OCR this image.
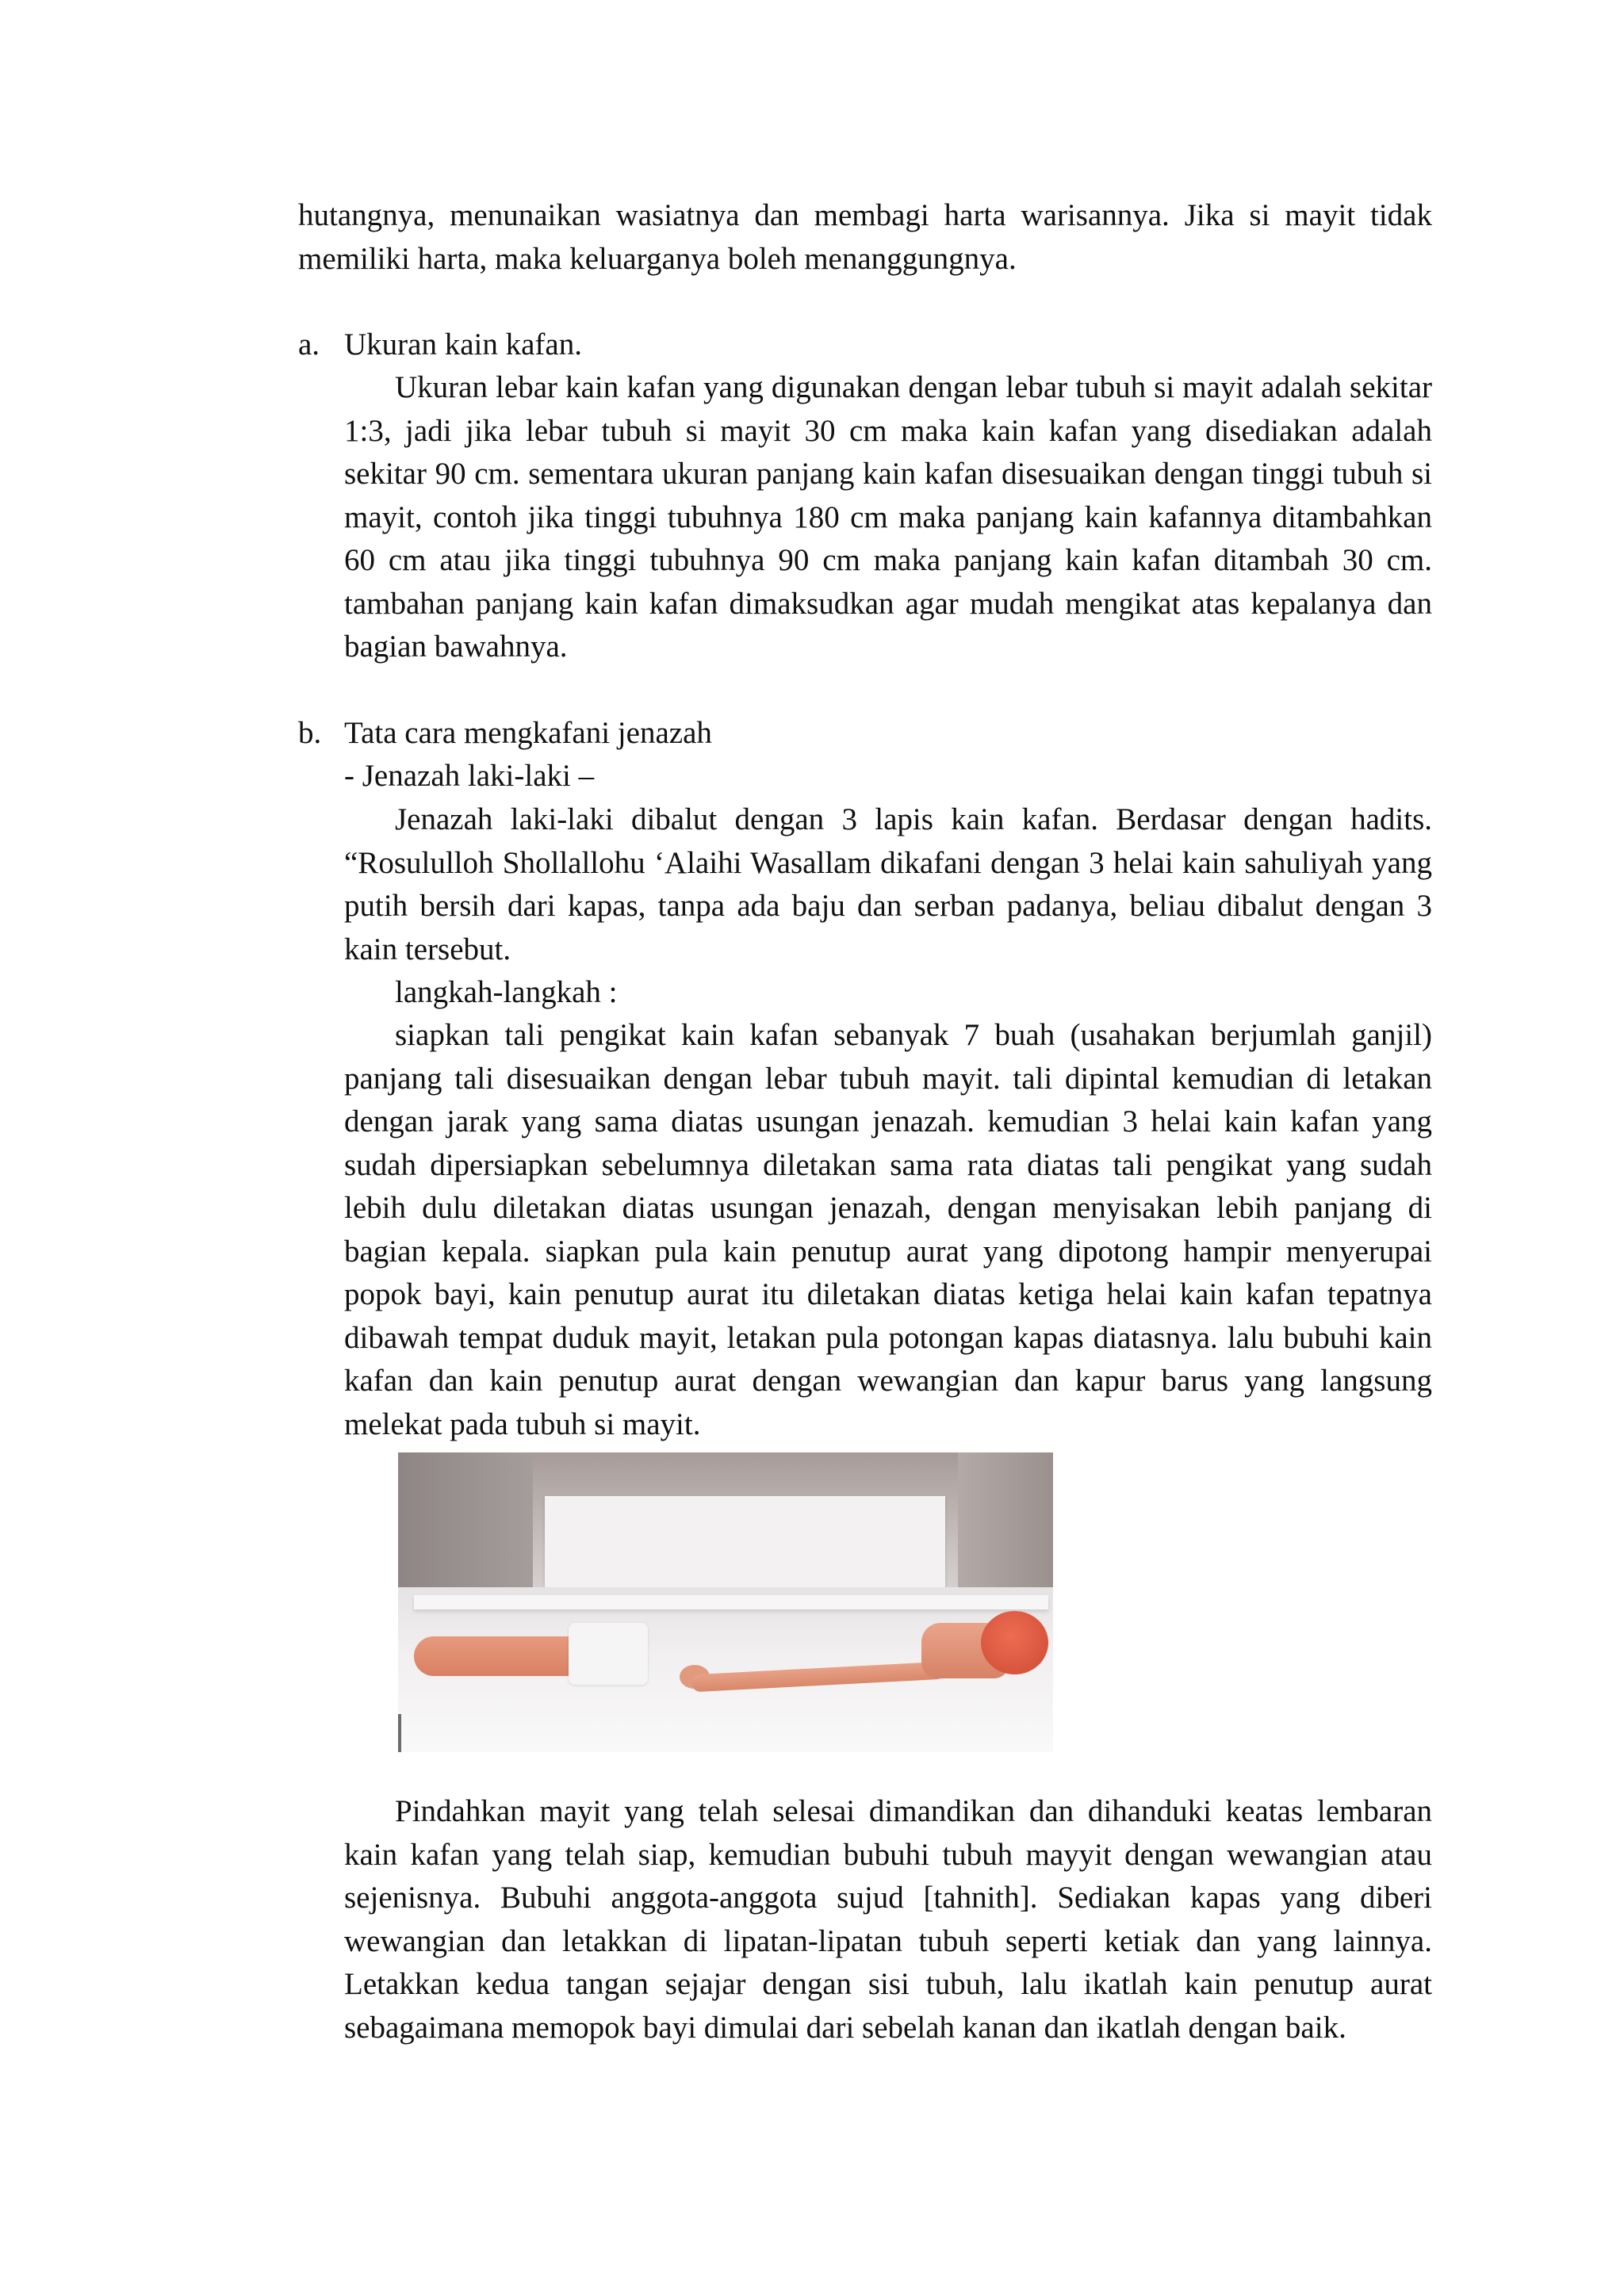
hutangnya, menunaikan wasiatnya dan membagi harta warisannya. Jika si mayit tidak memiliki harta, maka keluarganya boleh menanggungnya.
a. Ukuran kain kafan.
Ukuran lebar kain kafan yang digunakan dengan lebar tubuh si mayit adalah sekitar 1:3, jadi jika lebar tubuh si mayit 30 cm maka kain kafan yang disediakan adalah sekitar 90 cm. sementara ukuran panjang kain kafan disesuaikan dengan tinggi tubuh si mayit, contoh jika tinggi tubuhnya 180 cm maka panjang kain kafannya ditambahkan 60 cm atau jika tinggi tubuhnya 90 cm maka panjang kain kafan ditambah 30 cm. tambahan panjang kain kafan dimaksudkan agar mudah mengikat atas kepalanya dan bagian bawahnya.
b. Tata cara mengkafani jenazah
- Jenazah laki-laki –
Jenazah laki-laki dibalut dengan 3 lapis kain kafan. Berdasar dengan hadits. “Rosululloh Shollallohu ‘Alaihi Wasallam dikafani dengan 3 helai kain sahuliyah yang putih bersih dari kapas, tanpa ada baju dan serban padanya, beliau dibalut dengan 3 kain tersebut.
langkah-langkah :
siapkan tali pengikat kain kafan sebanyak 7 buah (usahakan berjumlah ganjil) panjang tali disesuaikan dengan lebar tubuh mayit. tali dipintal kemudian di letakan dengan jarak yang sama diatas usungan jenazah. kemudian 3 helai kain kafan yang sudah dipersiapkan sebelumnya diletakan sama rata diatas tali pengikat yang sudah lebih dulu diletakan diatas usungan jenazah, dengan menyisakan lebih panjang di bagian kepala. siapkan pula kain penutup aurat yang dipotong hampir menyerupai popok bayi, kain penutup aurat itu diletakan diatas ketiga helai kain kafan tepatnya dibawah tempat duduk mayit, letakan pula potongan kapas diatasnya. lalu bubuhi kain kafan dan kain penutup aurat dengan wewangian dan kapur barus yang langsung melekat pada tubuh si mayit.
Pindahkan mayit yang telah selesai dimandikan dan dihanduki keatas lembaran kain kafan yang telah siap, kemudian bubuhi tubuh mayyit dengan wewangian atau sejenisnya. Bubuhi anggota-anggota sujud [tahnith]. Sediakan kapas yang diberi wewangian dan letakkan di lipatan-lipatan tubuh seperti ketiak dan yang lainnya. Letakkan kedua tangan sejajar dengan sisi tubuh, lalu ikatlah kain penutup aurat sebagaimana memopok bayi dimulai dari sebelah kanan dan ikatlah dengan baik.
